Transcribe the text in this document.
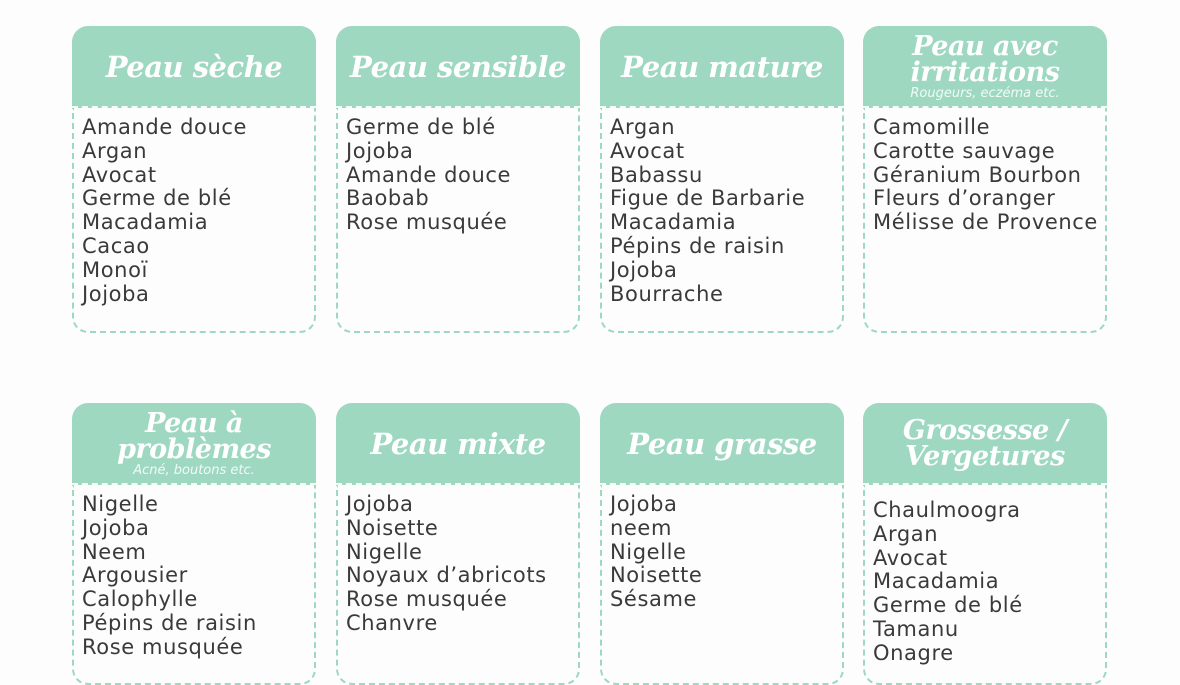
Peau sèche
Amande douce
Argan
Avocat
Germe de blé
Macadamia
Cacao
Monoï
Jojoba
Peau sensible
Germe de blé
Jojoba
Amande douce
Baobab
Rose musquée
Peau mature
Argan
Avocat
Babassu
Figue de Barbarie
Macadamia
Pépins de raisin
Jojoba
Bourrache
Peau avec irritations
Rougeurs, eczéma etc.
Camomille
Carotte sauvage
Géranium Bourbon
Fleurs d’oranger
Mélisse de Provence
Peau à problèmes
Acné, boutons etc.
Nigelle
Jojoba
Neem
Argousier
Calophylle
Pépins de raisin
Rose musquée
Peau mixte
Jojoba
Noisette
Nigelle
Noyaux d’abricots
Rose musquée
Chanvre
Peau grasse
Jojoba
neem
Nigelle
Noisette
Sésame
Grossesse / Vergetures
Chaulmoogra
Argan
Avocat
Macadamia
Germe de blé
Tamanu
Onagre
